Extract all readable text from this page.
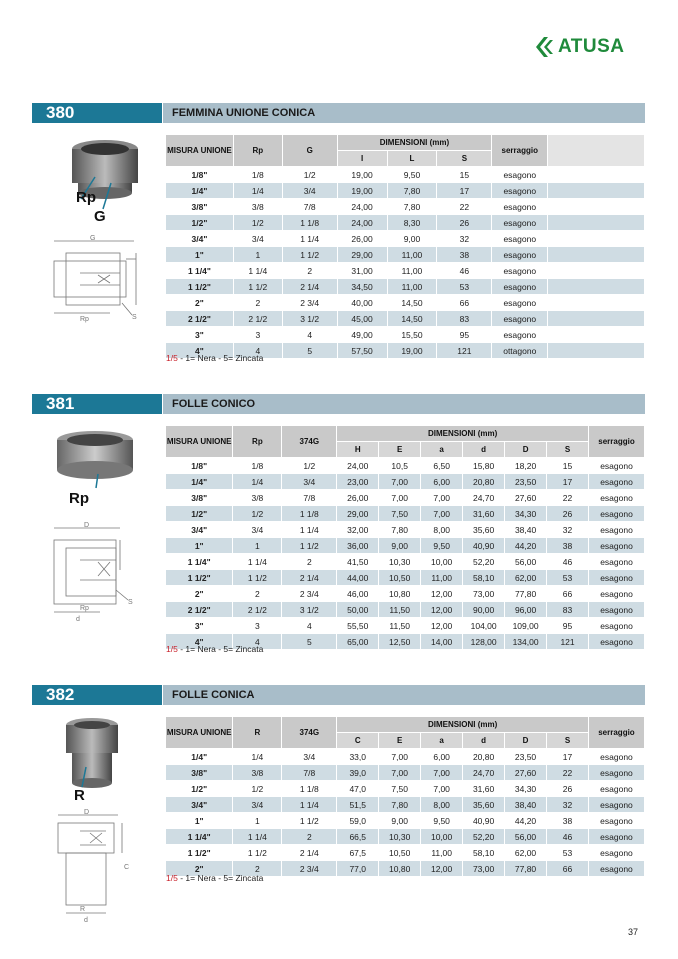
ATUSA
380	FEMMINA UNIONE CONICA
Rp
G
G
Rp	S
MISURA UNIONE	Rp	G	DIMENSIONI (mm)			serraggio	
			I	L	S		
1/8"	1/8	1/2	19,00	9,50	15	esagono	
1/4"	1/4	3/4	19,00	7,80	17	esagono	
3/8"	3/8	7/8	24,00	7,80	22	esagono	
1/2"	1/2	1 1/8	24,00	8,30	26	esagono	
3/4"	3/4	1 1/4	26,00	9,00	32	esagono	
1"	1	1 1/2	29,00	11,00	38	esagono	
1 1/4"	1 1/4	2	31,00	11,00	46	esagono	
1 1/2"	1 1/2	2 1/4	34,50	11,00	53	esagono	
2"	2	2 3/4	40,00	14,50	66	esagono	
2 1/2"	2 1/2	3 1/2	45,00	14,50	83	esagono	
3"	3	4	49,00	15,50	95	esagono	
4"	4	5	57,50	19,00	121	ottagono	
1/5 - 1= Nera - 5= Zincata
381	FOLLE CONICO
Rp
D
Rp
d
S
MISURA UNIONE	Rp	374G	DIMENSIONI (mm)						serraggio
			H	E	a	d	D	S	
1/8"	1/8	1/2	24,00	10,5	6,50	15,80	18,20	15	esagono
1/4"	1/4	3/4	23,00	7,00	6,00	20,80	23,50	17	esagono
3/8"	3/8	7/8	26,00	7,00	7,00	24,70	27,60	22	esagono
1/2"	1/2	1 1/8	29,00	7,50	7,00	31,60	34,30	26	esagono
3/4"	3/4	1 1/4	32,00	7,80	8,00	35,60	38,40	32	esagono
1"	1	1 1/2	36,00	9,00	9,50	40,90	44,20	38	esagono
1 1/4"	1 1/4	2	41,50	10,30	10,00	52,20	56,00	46	esagono
1 1/2"	1 1/2	2 1/4	44,00	10,50	11,00	58,10	62,00	53	esagono
2"	2	2 3/4	46,00	10,80	12,00	73,00	77,80	66	esagono
2 1/2"	2 1/2	3 1/2	50,00	11,50	12,00	90,00	96,00	83	esagono
3"	3	4	55,50	11,50	12,00	104,00	109,00	95	esagono
4"	4	5	65,00	12,50	14,00	128,00	134,00	121	esagono
1/5 - 1= Nera - 5= Zincata
382	FOLLE CONICA
R
D
R
d
C
MISURA UNIONE	R	374G	DIMENSIONI (mm)						serraggio
			C	E	a	d	D	S	
1/4"	1/4	3/4	33,0	7,00	6,00	20,80	23,50	17	esagono
3/8"	3/8	7/8	39,0	7,00	7,00	24,70	27,60	22	esagono
1/2"	1/2	1 1/8	47,0	7,50	7,00	31,60	34,30	26	esagono
3/4"	3/4	1 1/4	51,5	7,80	8,00	35,60	38,40	32	esagono
1"	1	1 1/2	59,0	9,00	9,50	40,90	44,20	38	esagono
1 1/4"	1 1/4	2	66,5	10,30	10,00	52,20	56,00	46	esagono
1 1/2"	1 1/2	2 1/4	67,5	10,50	11,00	58,10	62,00	53	esagono
2"	2	2 3/4	77,0	10,80	12,00	73,00	77,80	66	esagono
1/5 - 1= Nera - 5= Zincata
37
